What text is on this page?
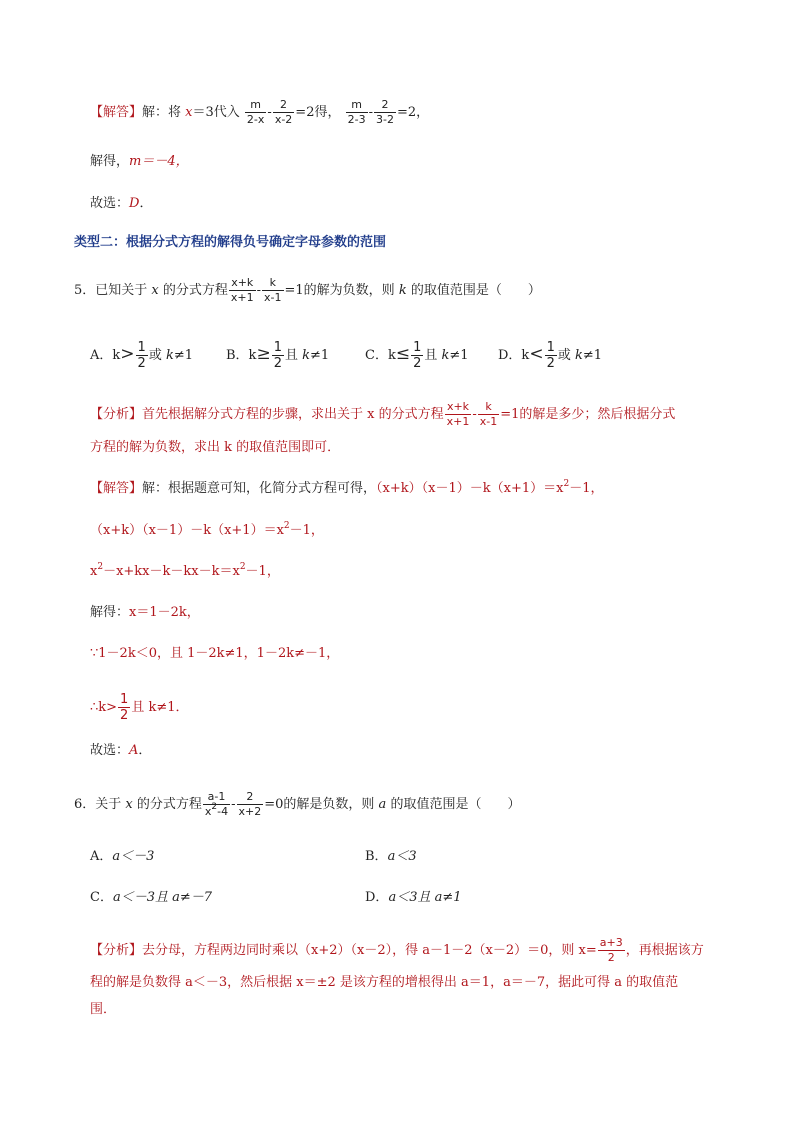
【解答】解：将 x＝3代入 $\frac{m}{2-x} - \frac{2}{x-2} =2$得， $\frac{m}{2-3} - \frac{2}{3-2} =2$，
解得，m＝－4，
故选：D．
类型二：根据分式方程的解得负号确定字母参数的范围
5．已知关于 x 的分式方程 $\frac{x+k}{x+1} - \frac{k}{x-1} =1$的解为负数，则 k 的取值范围是（　　）
A．$k> \frac{1}{2}$ 或 k≠1	B．$k\ge \frac{1}{2}$ 且 k≠1	C．$k\le \frac{1}{2}$ 且 k≠1 D．$k< \frac{1}{2}$ 或 k≠1
【分析】首先根据解分式方程的步骤，求出关于 x 的分式方程 $\frac{x+k}{x+1} - \frac{k}{x-1} =1$的解是多少；然后根据分式
方程的解为负数，求出 k 的取值范围即可．
【解答】解：根据题意可知，化简分式方程可得，$(x+k)(x-1)-k(x+1)=x^2-1$，
$(x+k)(x-1)-k(x+1)=x^2-1$，
$x^2-x+kx-k-kx-k=x^2-1$，
解得：x＝1－2k，
∵1－2k＜0，且 1－2k≠1，1－2k≠－1，
∴k> $\frac{1}{2}$ 且 k≠1．
故选：A．
6．关于 x 的分式方程 $\frac{a-1}{x^2-4} - \frac{2}{x+2} =0$的解是负数，则 a 的取值范围是（　　）
A．a＜－3	B．a＜3
C．a＜－3且 a≠－7	D．a＜3且 a≠1
【分析】去分母，方程两边同时乘以（x+2）（x－2），得 a－1－2（x－2）＝0，则 $x= \frac{a+3}{2}$ ，再根据该方
程的解是负数得 a＜－3，然后根据 x＝±2 是该方程的增根得出 a＝1，a＝－7，据此可得 a 的取值范
围．
